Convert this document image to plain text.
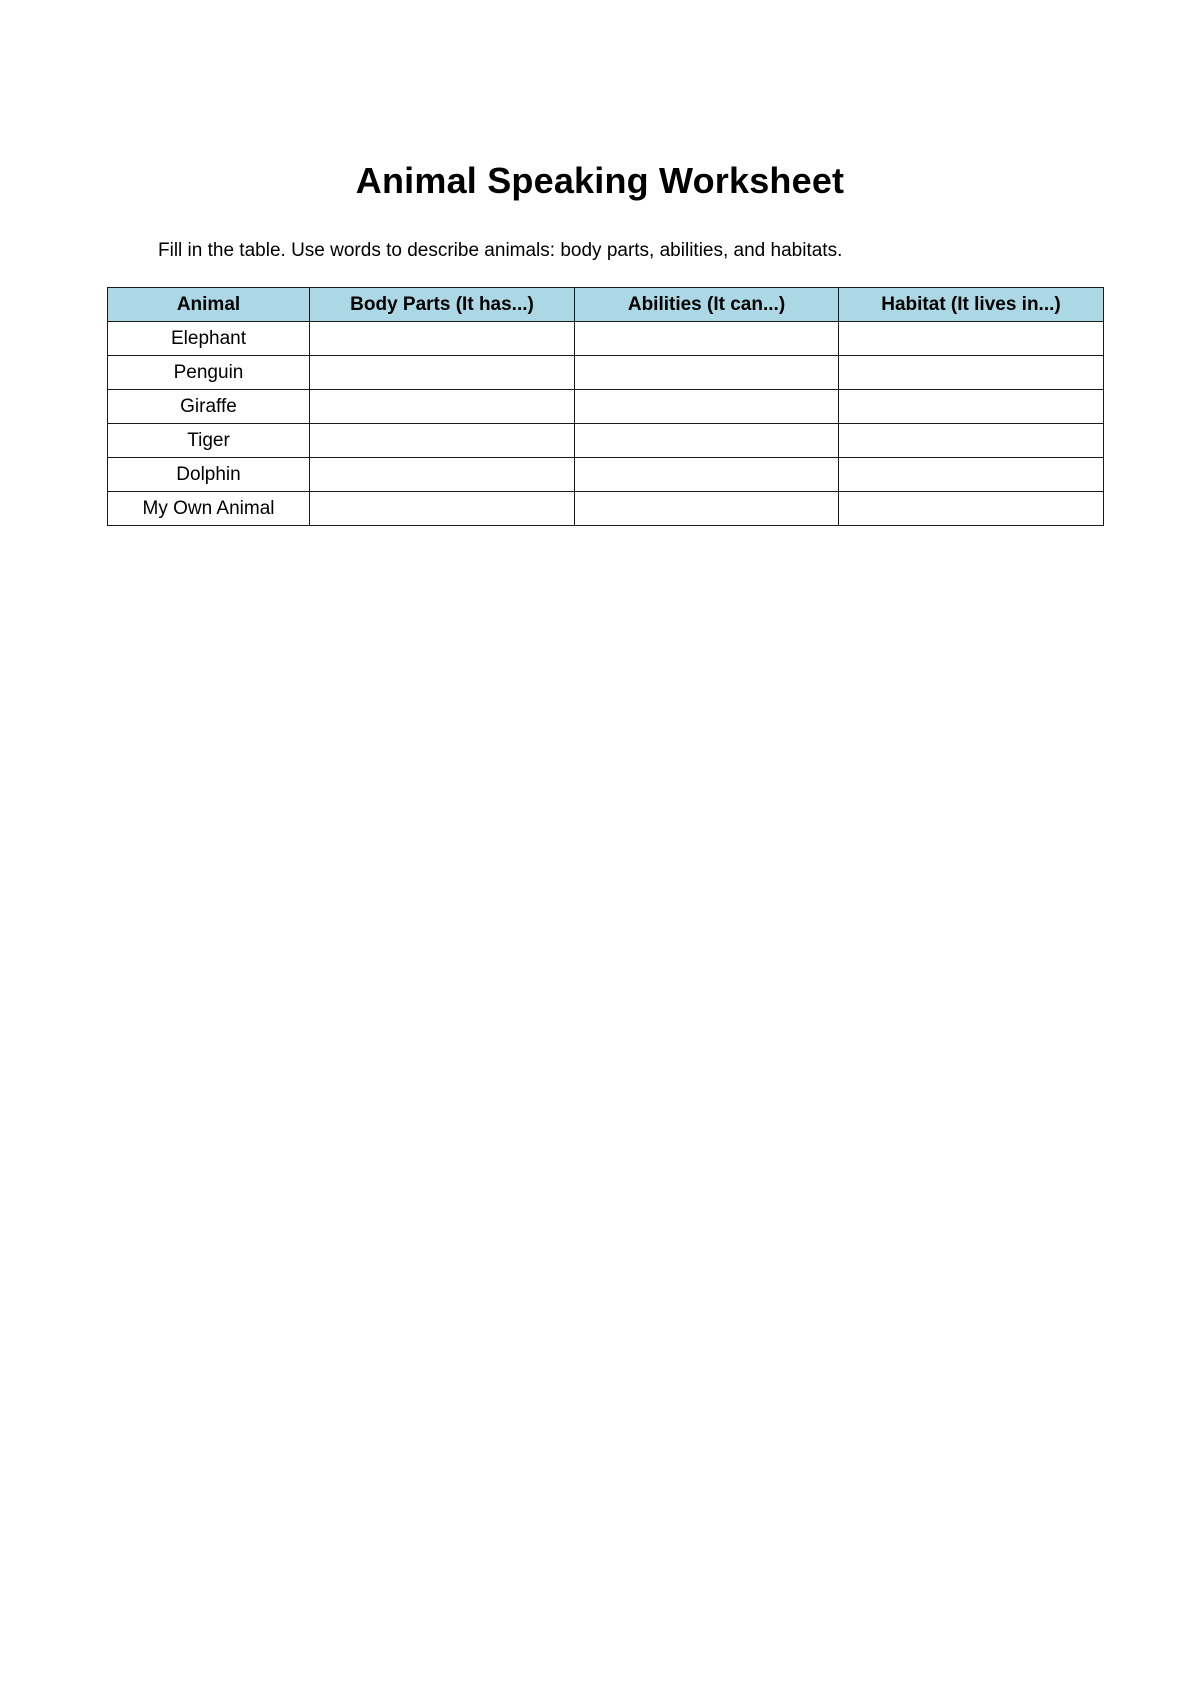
Animal Speaking Worksheet
Fill in the table. Use words to describe animals: body parts, abilities, and habitats.
Animal	Body Parts (It has...)	Abilities (It can...)	Habitat (It lives in...)
Elephant			
Penguin			
Giraffe			
Tiger			
Dolphin			
My Own Animal			
